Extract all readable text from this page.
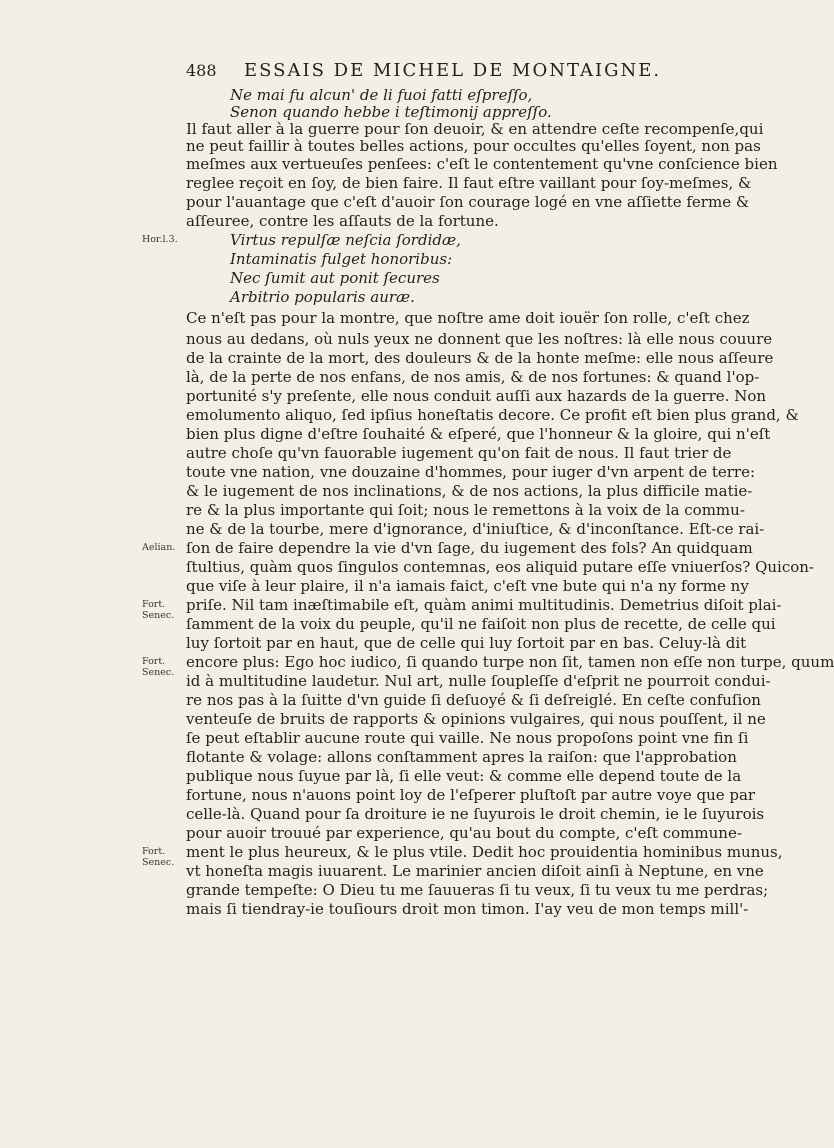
488 ESSAIS DE MICHEL DE MONTAIGNE.
Ne mai fu alcun' de li fuoi fatti eſpreſſo,
Senon quando hebbe i teſtimonij appreſſo.
Il faut aller à la guerre pour ſon deuoir, & en attendre ceſte recompenſe,qui
ne peut faillir à toutes belles actions, pour occultes qu'elles ſoyent, non pas
meſmes aux vertueuſes penſees: c'eſt le contentement qu'vne conſcience bien
reglee reçoit en ſoy, de bien faire. Il faut eſtre vaillant pour ſoy-meſmes, &
pour l'auantage que c'eſt d'auoir ſon courage logé en vne aſſiette ferme &
aſſeuree, contre les aſſauts de la fortune.
Virtus repulſæ neſcia ſordidæ,
Intaminatis fulget honoribus:
Nec ſumit aut ponit ſecures
Arbitrio popularis auræ.
Ce n'eſt pas pour la montre, que noſtre ame doit iouër ſon rolle, c'eſt chez
nous au dedans, où nuls yeux ne donnent que les noſtres: là elle nous couure
de la crainte de la mort, des douleurs & de la honte meſme: elle nous aſſeure
là, de la perte de nos enfans, de nos amis, & de nos fortunes: & quand l'op-
portunité s'y preſente, elle nous conduit auſſi aux hazards de la guerre. Non
emolumento aliquo, ſed ipſius honeſtatis decore. Ce profit eſt bien plus grand, &
bien plus digne d'eſtre ſouhaité & eſperé, que l'honneur & la gloire, qui n'eſt
autre choſe qu'vn fauorable iugement qu'on fait de nous. Il faut trier de
toute vne nation, vne douzaine d'hommes, pour iuger d'vn arpent de terre:
& le iugement de nos inclinations, & de nos actions, la plus difficile matie-
re & la plus importante qui ſoit; nous le remettons à la voix de la commu-
ne & de la tourbe, mere d'ignorance, d'iniuſtice, & d'inconſtance. Eſt-ce rai-
ſon de faire dependre la vie d'vn ſage, du iugement des fols? An quidquam
ſtultius, quàm quos ſingulos contemnas, eos aliquid putare eſſe vniuerſos? Quicon-
que viſe à leur plaire, il n'a iamais faict, c'eſt vne bute qui n'a ny forme ny
priſe. Nil tam inæſtimabile eſt, quàm animi multitudinis. Demetrius diſoit plai-
ſamment de la voix du peuple, qu'il ne faiſoit non plus de recette, de celle qui
luy ſortoit par en haut, que de celle qui luy ſortoit par en bas. Celuy-là dit
encore plus: Ego hoc iudico, ſi quando turpe non ſit, tamen non eſſe non turpe, quum
id à multitudine laudetur. Nul art, nulle ſoupleſſe d'eſprit ne pourroit condui-
re nos pas à la ſuitte d'vn guide ſi deſuoyé & ſi deſreiglé. En ceſte confuſion
venteuſe de bruits de rapports & opinions vulgaires, qui nous pouſſent, il ne
ſe peut eſtablir aucune route qui vaille. Ne nous propoſons point vne fin ſi
flotante & volage: allons conſtamment apres la raiſon: que l'approbation
publique nous ſuyue par là, ſi elle veut: & comme elle depend toute de la
fortune, nous n'auons point loy de l'eſperer pluſtoſt par autre voye que par
celle-là. Quand pour ſa droiture ie ne ſuyurois le droit chemin, ie le ſuyurois
pour auoir trouué par experience, qu'au bout du compte, c'eſt commune-
ment le plus heureux, & le plus vtile. Dedit hoc prouidentia hominibus munus,
vt honeſta magis iuuarent. Le marinier ancien diſoit ainſi à Neptune, en vne
grande tempeſte: O Dieu tu me ſauueras ſi tu veux, ſi tu veux tu me perdras;
mais ſi tiendray-ie touſiours droit mon timon. I'ay veu de mon temps mill'-
Hor.l.3.
Aelian.
Fort.
Senec.
Fort.
Senec.
Fort.
Senec.
